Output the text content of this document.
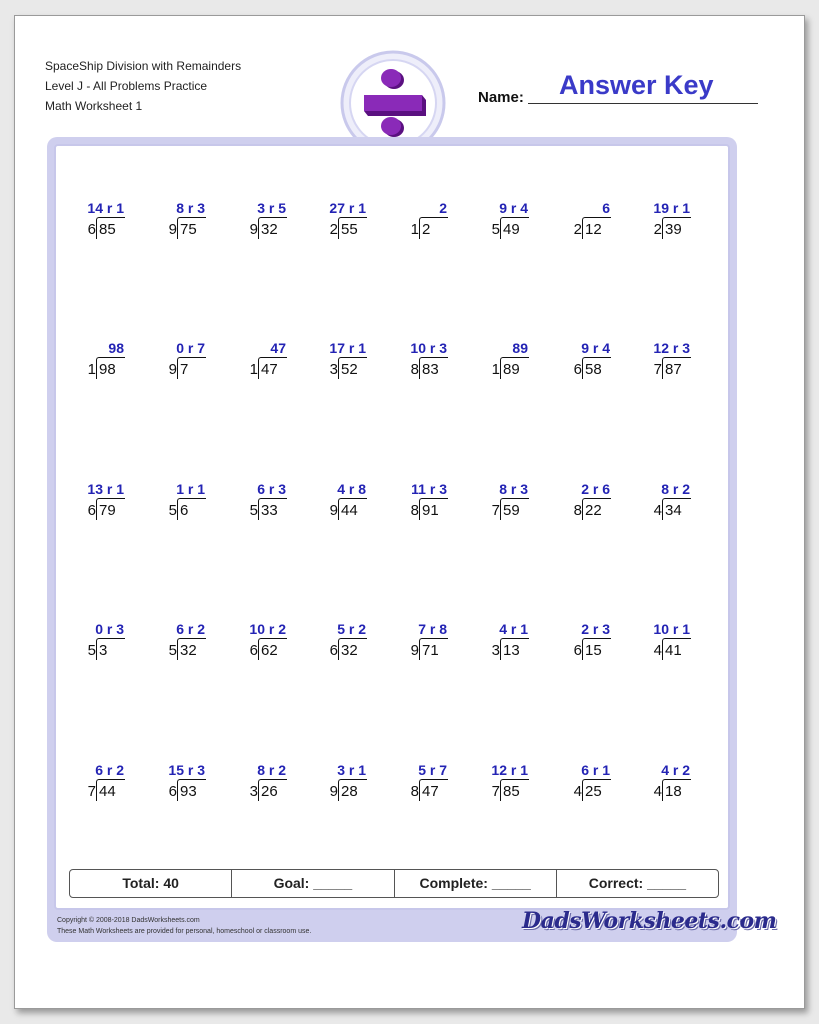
SpaceShip Division with Remainders
Level J - All Problems Practice
Math Worksheet 1	Name: Answer Key
14 r 1
6 85
8 r 3
9 75
3 r 5
9 32
27 r 1
2 55
2
1 2
9 r 4
5 49
6
2 12
19 r 1
2 39
98
1 98
0 r 7
9 7
47
1 47
17 r 1
3 52
10 r 3
8 83
89
1 89
9 r 4
6 58
12 r 3
7 87
13 r 1
6 79
1 r 1
5 6
6 r 3
5 33
4 r 8
9 44
11 r 3
8 91
8 r 3
7 59
2 r 6
8 22
8 r 2
4 34
0 r 3
5 3
6 r 2
5 32
10 r 2
6 62
5 r 2
6 32
7 r 8
9 71
4 r 1
3 13
2 r 3
6 15
10 r 1
4 41
6 r 2
7 44
15 r 3
6 93
8 r 2
3 26
3 r 1
9 28
5 r 7
8 47
12 r 1
7 85
6 r 1
4 25
4 r 2
4 18
Total: 40	Goal: _____	Complete: _____	Correct: _____
Copyright © 2008-2018 DadsWorksheets.com
These Math Worksheets are provided for personal, homeschool or classroom use.	DadsWorksheets.com
